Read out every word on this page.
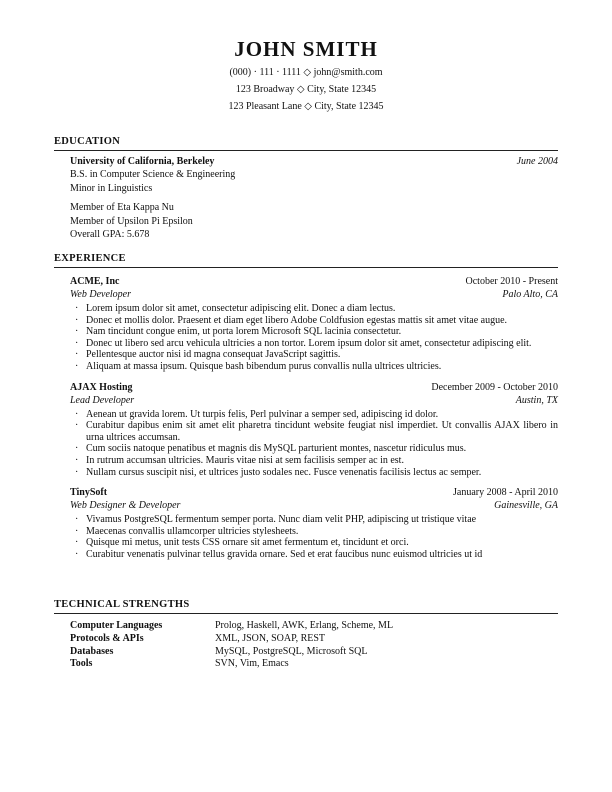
JOHN SMITH
(000) · 111 · 1111 ◇ john@smith.com
123 Broadway ◇ City, State 12345
123 Pleasant Lane ◇ City, State 12345
EDUCATION
University of California, Berkeley	June 2004
B.S. in Computer Science & Engineering
Minor in Linguistics
Member of Eta Kappa Nu
Member of Upsilon Pi Epsilon
Overall GPA: 5.678
EXPERIENCE
ACME, Inc	October 2010 - Present
Web Developer	Palo Alto, CA
· Lorem ipsum dolor sit amet, consectetur adipiscing elit. Donec a diam lectus.
· Donec et mollis dolor. Praesent et diam eget libero Adobe Coldfusion egestas mattis sit amet vitae augue.
· Nam tincidunt congue enim, ut porta lorem Microsoft SQL lacinia consectetur.
· Donec ut libero sed arcu vehicula ultricies a non tortor. Lorem ipsum dolor sit amet, consectetur adipiscing elit.
· Pellentesque auctor nisi id magna consequat JavaScript sagittis.
· Aliquam at massa ipsum. Quisque bash bibendum purus convallis nulla ultrices ultricies.
AJAX Hosting	December 2009 - October 2010
Lead Developer	Austin, TX
· Aenean ut gravida lorem. Ut turpis felis, Perl pulvinar a semper sed, adipiscing id dolor.
· Curabitur dapibus enim sit amet elit pharetra tincidunt website feugiat nisl imperdiet. Ut convallis AJAX libero in urna ultrices accumsan.
· Cum sociis natoque penatibus et magnis dis MySQL parturient montes, nascetur ridiculus mus.
· In rutrum accumsan ultricies. Mauris vitae nisi at sem facilisis semper ac in est.
· Nullam cursus suscipit nisi, et ultrices justo sodales nec. Fusce venenatis facilisis lectus ac semper.
TinySoft	January 2008 - April 2010
Web Designer & Developer	Gainesville, GA
· Vivamus PostgreSQL fermentum semper porta. Nunc diam velit PHP, adipiscing ut tristique vitae
· Maecenas convallis ullamcorper ultricies stylesheets.
· Quisque mi metus, unit tests CSS ornare sit amet fermentum et, tincidunt et orci.
· Curabitur venenatis pulvinar tellus gravida ornare. Sed et erat faucibus nunc euismod ultricies ut id
TECHNICAL STRENGTHS
Computer Languages	Prolog, Haskell, AWK, Erlang, Scheme, ML
Protocols & APIs	XML, JSON, SOAP, REST
Databases	MySQL, PostgreSQL, Microsoft SQL
Tools	SVN, Vim, Emacs
